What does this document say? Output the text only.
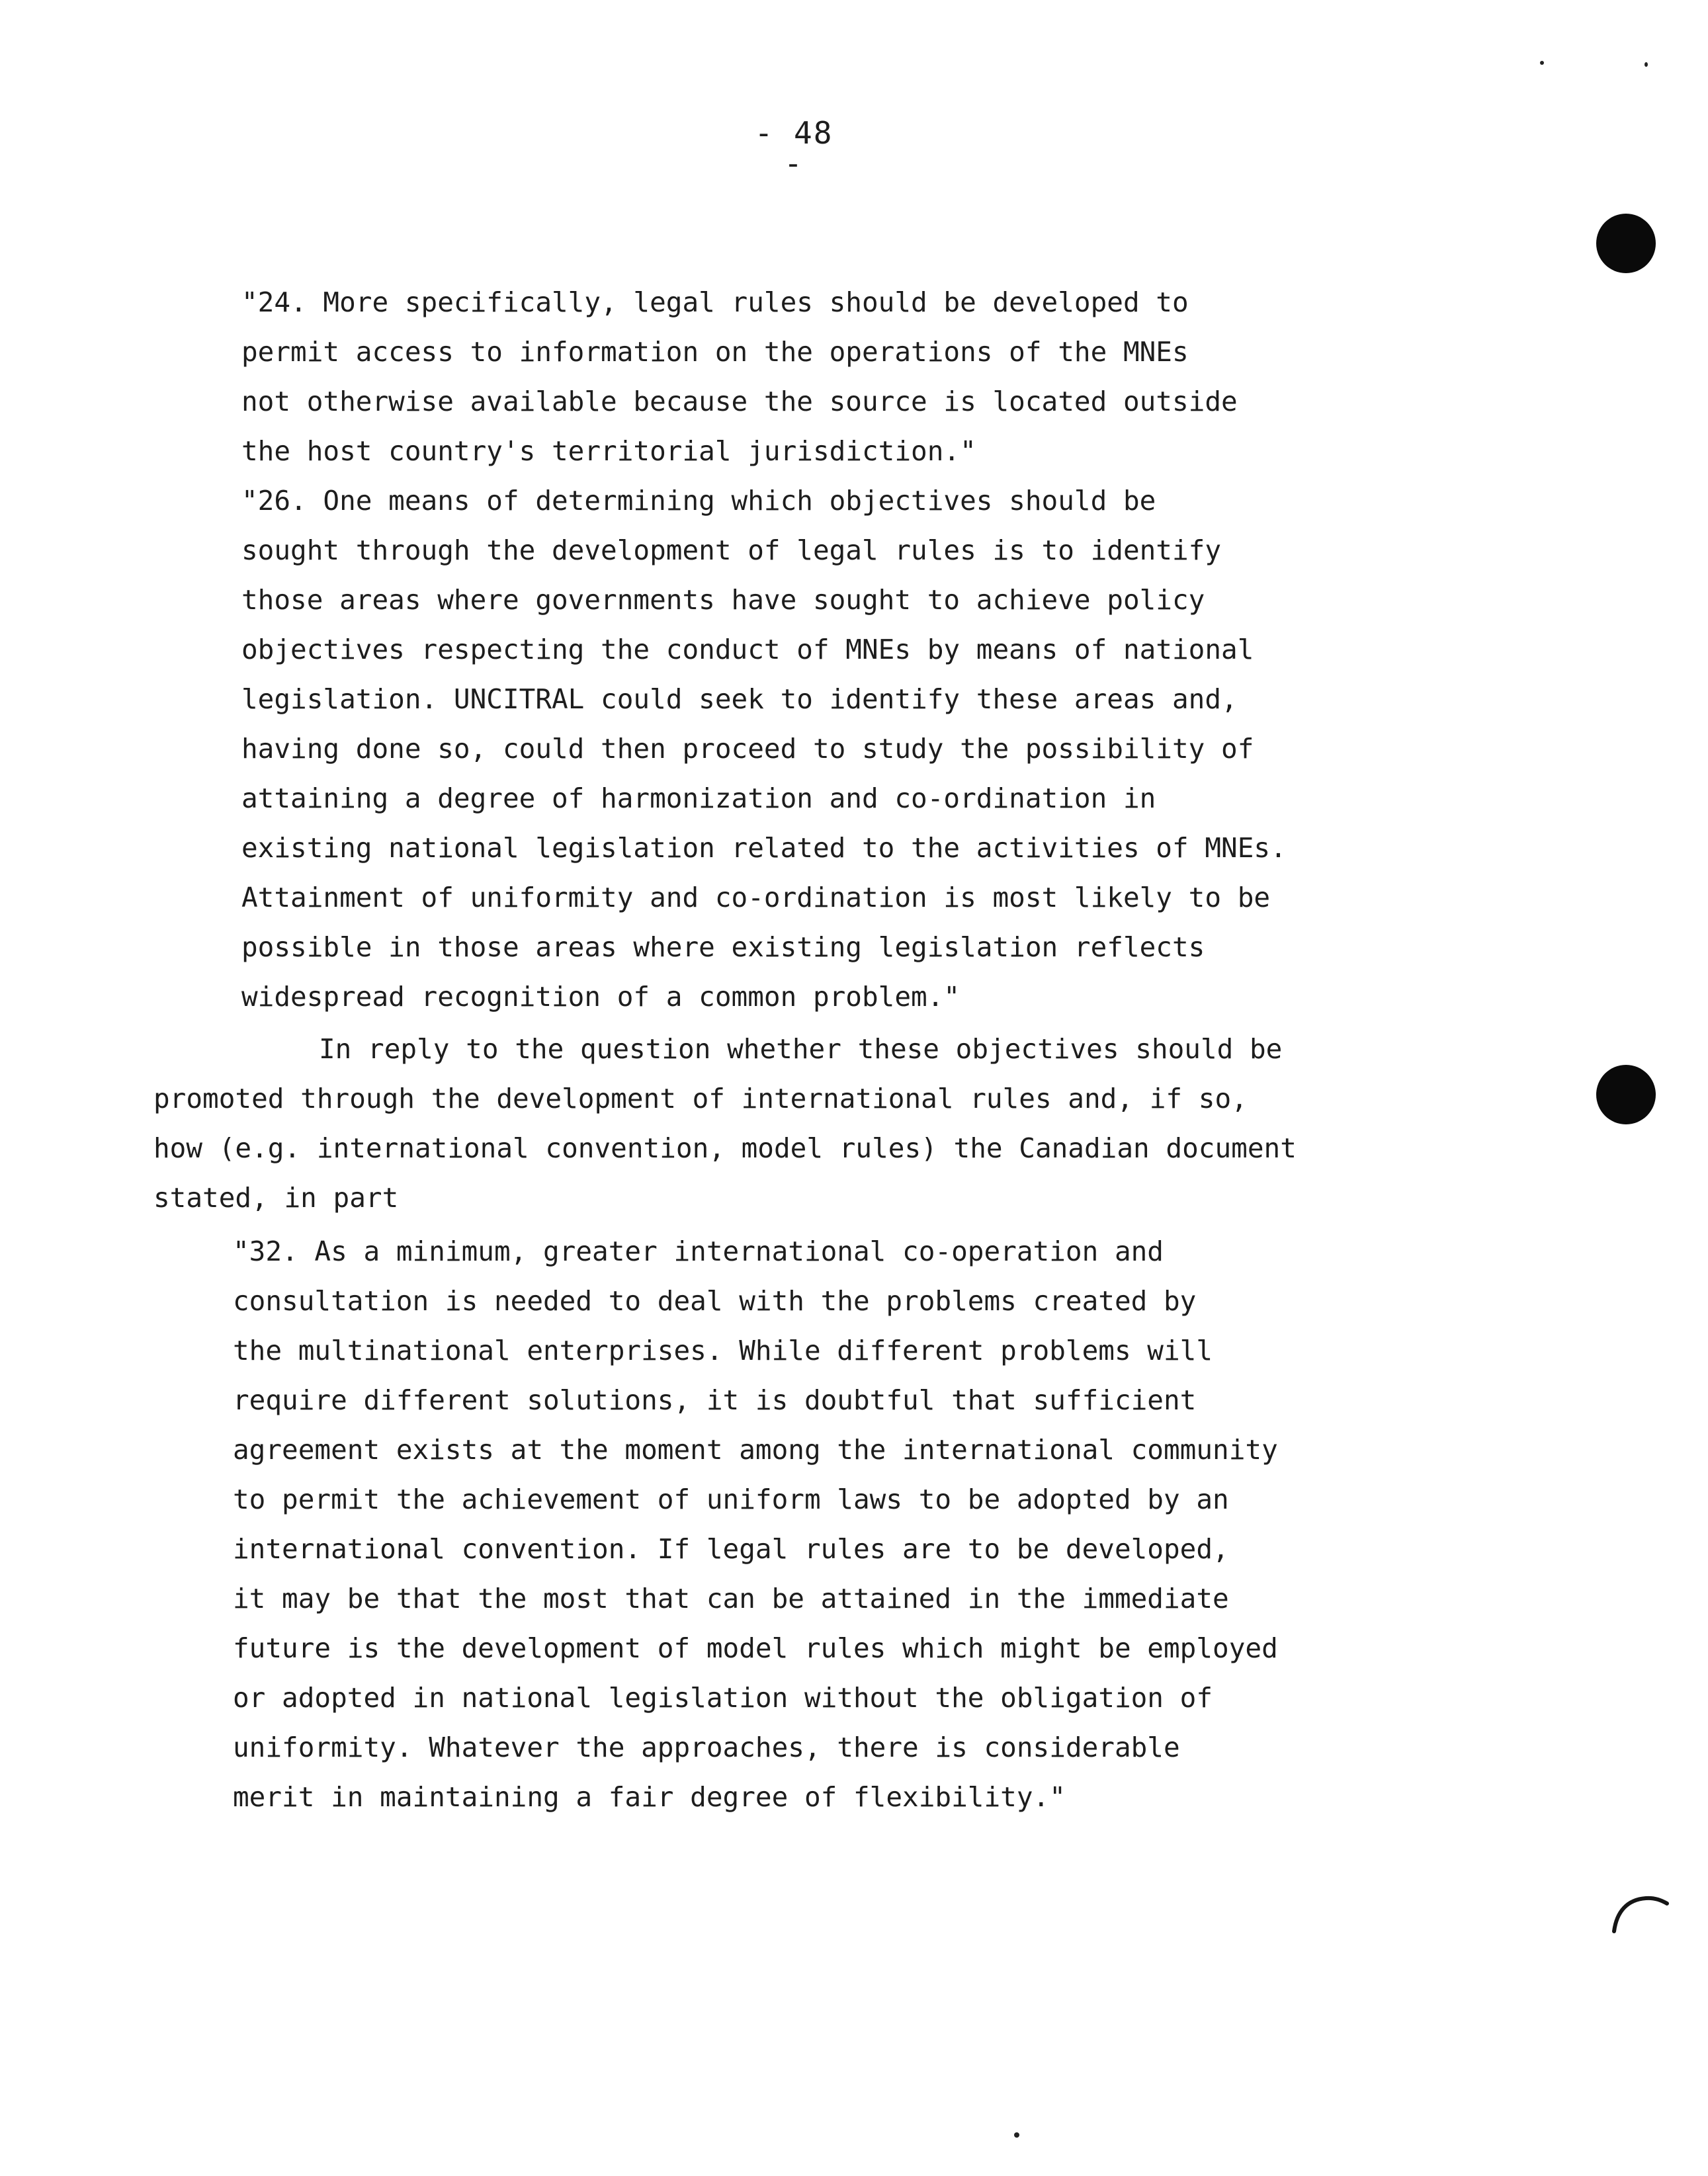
- 48 -
"24. More specifically, legal rules should be developed to
permit access to information on the operations of the MNEs
not otherwise available because the source is located outside
the host country's territorial jurisdiction."
"26. One means of determining which objectives should be
sought through the development of legal rules is to identify
those areas where governments have sought to achieve policy
objectives respecting the conduct of MNEs by means of national
legislation. UNCITRAL could seek to identify these areas and,
having done so, could then proceed to study the possibility of
attaining a degree of harmonization and co-ordination in
existing national legislation related to the activities of MNEs.
Attainment of uniformity and co-ordination is most likely to be
possible in those areas where existing legislation reflects
widespread recognition of a common problem."
In reply to the question whether these objectives should be
promoted through the development of international rules and, if so,
how (e.g. international convention, model rules) the Canadian document
stated, in part
"32. As a minimum, greater international co-operation and
consultation is needed to deal with the problems created by
the multinational enterprises. While different problems will
require different solutions, it is doubtful that sufficient
agreement exists at the moment among the international community
to permit the achievement of uniform laws to be adopted by an
international convention. If legal rules are to be developed,
it may be that the most that can be attained in the immediate
future is the development of model rules which might be employed
or adopted in national legislation without the obligation of
uniformity. Whatever the approaches, there is considerable
merit in maintaining a fair degree of flexibility."
